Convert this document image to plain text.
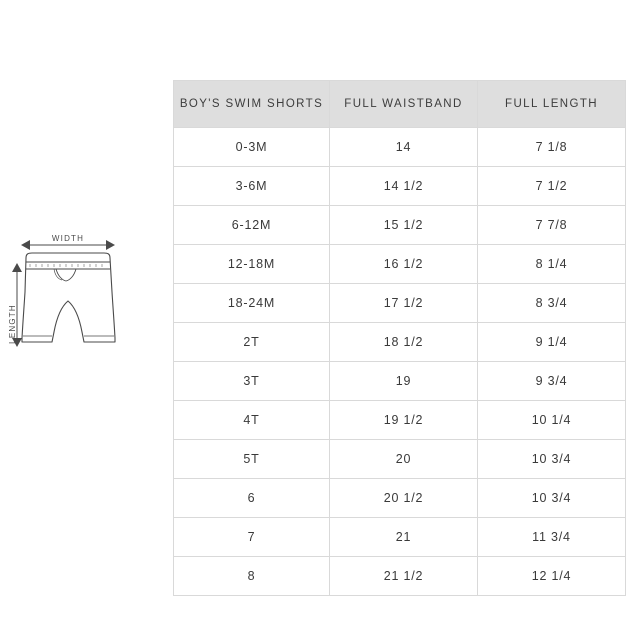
WIDTH
LENGTH
BOY'S SWIM SHORTS	FULL WAISTBAND	FULL LENGTH
0-3M	14	7 1/8
3-6M	14 1/2	7 1/2
6-12M	15 1/2	7 7/8
12-18M	16 1/2	8 1/4
18-24M	17 1/2	8 3/4
2T	18 1/2	9 1/4
3T	19	9 3/4
4T	19 1/2	10 1/4
5T	20	10 3/4
6	20 1/2	10 3/4
7	21	11 3/4
8	21 1/2	12 1/4
